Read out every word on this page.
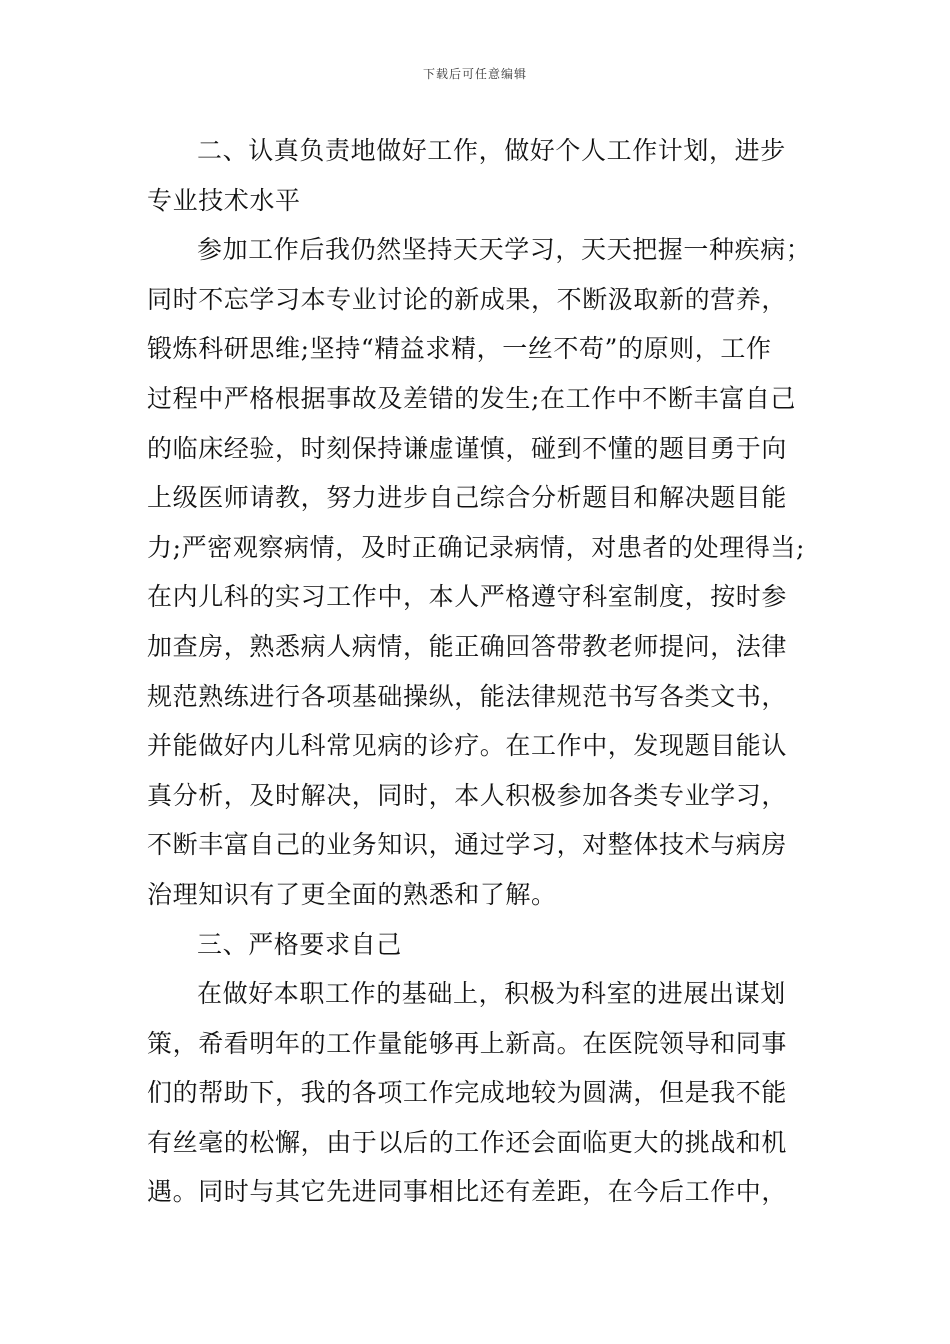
下载后可任意编辑
二、认真负责地做好工作，做好个人工作计划，进步
专业技术水平
参加工作后我仍然坚持天天学习，天天把握一种疾病；
同时不忘学习本专业讨论的新成果，不断汲取新的营养，
锻炼科研思维;坚持“精益求精，一丝不苟”的原则，工作
过程中严格根据事故及差错的发生;在工作中不断丰富自己
的临床经验，时刻保持谦虚谨慎，碰到不懂的题目勇于向
上级医师请教，努力进步自己综合分析题目和解决题目能
力;严密观察病情，及时正确记录病情，对患者的处理得当;
在内儿科的实习工作中，本人严格遵守科室制度，按时参
加查房，熟悉病人病情，能正确回答带教老师提问，法律
规范熟练进行各项基础操纵，能法律规范书写各类文书，
并能做好内儿科常见病的诊疗。在工作中，发现题目能认
真分析，及时解决，同时，本人积极参加各类专业学习，
不断丰富自己的业务知识，通过学习，对整体技术与病房
治理知识有了更全面的熟悉和了解。
三、严格要求自己
在做好本职工作的基础上，积极为科室的进展出谋划
策，希看明年的工作量能够再上新高。在医院领导和同事
们的帮助下，我的各项工作完成地较为圆满，但是我不能
有丝毫的松懈，由于以后的工作还会面临更大的挑战和机
遇。同时与其它先进同事相比还有差距，在今后工作中，
